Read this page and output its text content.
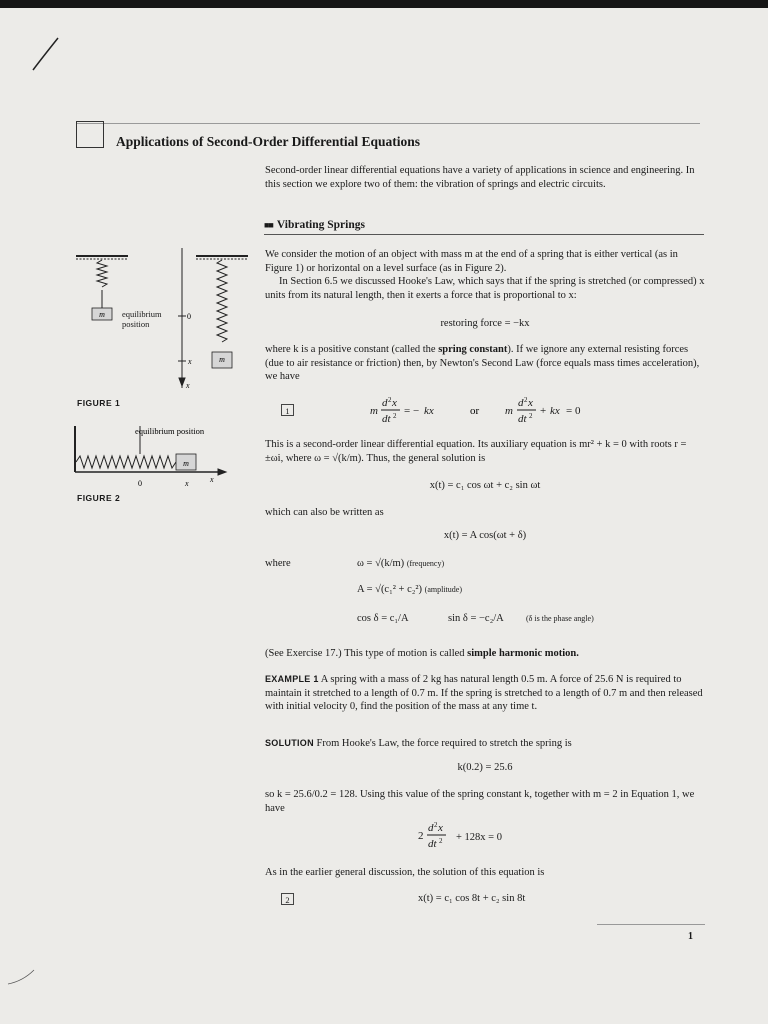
Applications of Second-Order Differential Equations
Second-order linear differential equations have a variety of applications in science and engineering. In this section we explore two of them: the vibration of springs and electric circuits.
■■ Vibrating Springs
We consider the motion of an object with mass m at the end of a spring that is either vertical (as in Figure 1) or horizontal on a level surface (as in Figure 2).
In Section 6.5 we discussed Hooke's Law, which says that if the spring is stretched (or compressed) x units from its natural length, then it exerts a force that is proportional to x:
restoring force = −kx
where k is a positive constant (called the spring constant). If we ignore any external resisting forces (due to air resistance or friction) then, by Newton's Second Law (force equals mass times acceleration), we have
1	m
d 2 x
dt 2 = − kx	or m
d 2 x
dt 2 + kx = 0
This is a second-order linear differential equation. Its auxiliary equation is mr² + k = 0 with roots r = ±ωi, where ω = √(k/m). Thus, the general solution is
x(t) = c₁ cos ωt + c₂ sin ωt
which can also be written as
x(t) = A cos(ωt + δ)
where	ω = √(k/m) (frequency)
A = √(c₁² + c₂²) (amplitude)
cos δ = c₁/A	sin δ = −c₂/A	(δ is the phase angle)
(See Exercise 17.) This type of motion is called simple harmonic motion.
EXAMPLE 1 A spring with a mass of 2 kg has natural length 0.5 m. A force of 25.6 N is required to maintain it stretched to a length of 0.7 m. If the spring is stretched to a length of 0.7 m and then released with initial velocity 0, find the position of the mass at any time t.
SOLUTION From Hooke's Law, the force required to stretch the spring is
k(0.2) = 25.6
so k = 25.6/0.2 = 128. Using this value of the spring constant k, together with m = 2 in Equation 1, we have
2
d 2 x
dt 2 + 128x = 0
As in the earlier general discussion, the solution of this equation is
2	x(t) = c₁ cos 8t + c₂ sin 8t
m
m
equilibrium position
0
x
x
FIGURE 1
m
equilibrium position
0	x	x
FIGURE 2
1
